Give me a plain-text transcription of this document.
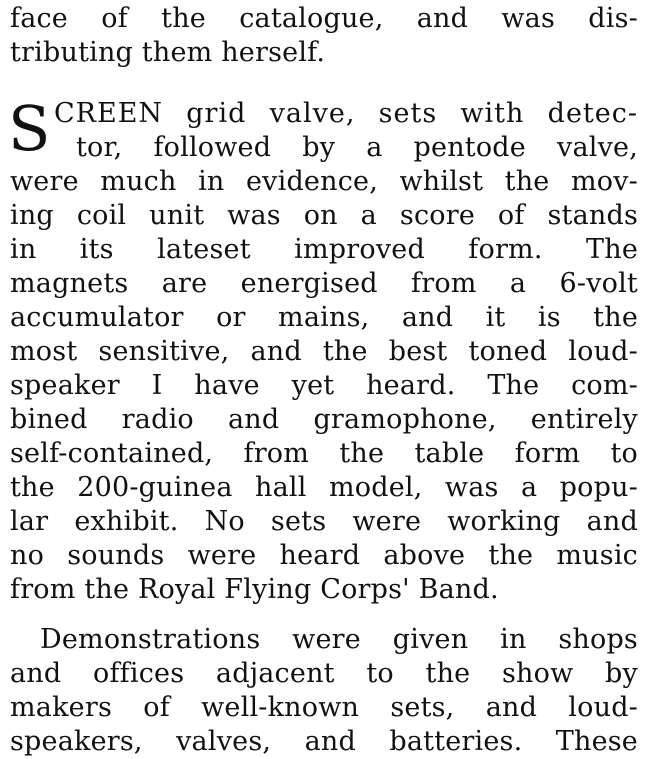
face of the catalogue, and was dis-
tributing them herself.
S CREEN grid valve, sets with detec-
tor, followed by a pentode valve,
were much in evidence, whilst the mov-
ing coil unit was on a score of stands
in its lateset improved form. The
magnets are energised from a 6-volt
accumulator or mains, and it is the
most sensitive, and the best toned loud-
speaker I have yet heard. The com-
bined radio and gramophone, entirely
self-contained, from the table form to
the 200-guinea hall model, was a popu-
lar exhibit. No sets were working and
no sounds were heard above the music
from the Royal Flying Corps' Band.
Demonstrations were given in shops
and offices adjacent to the show by
makers of well-known sets, and loud-
speakers, valves, and batteries. These
